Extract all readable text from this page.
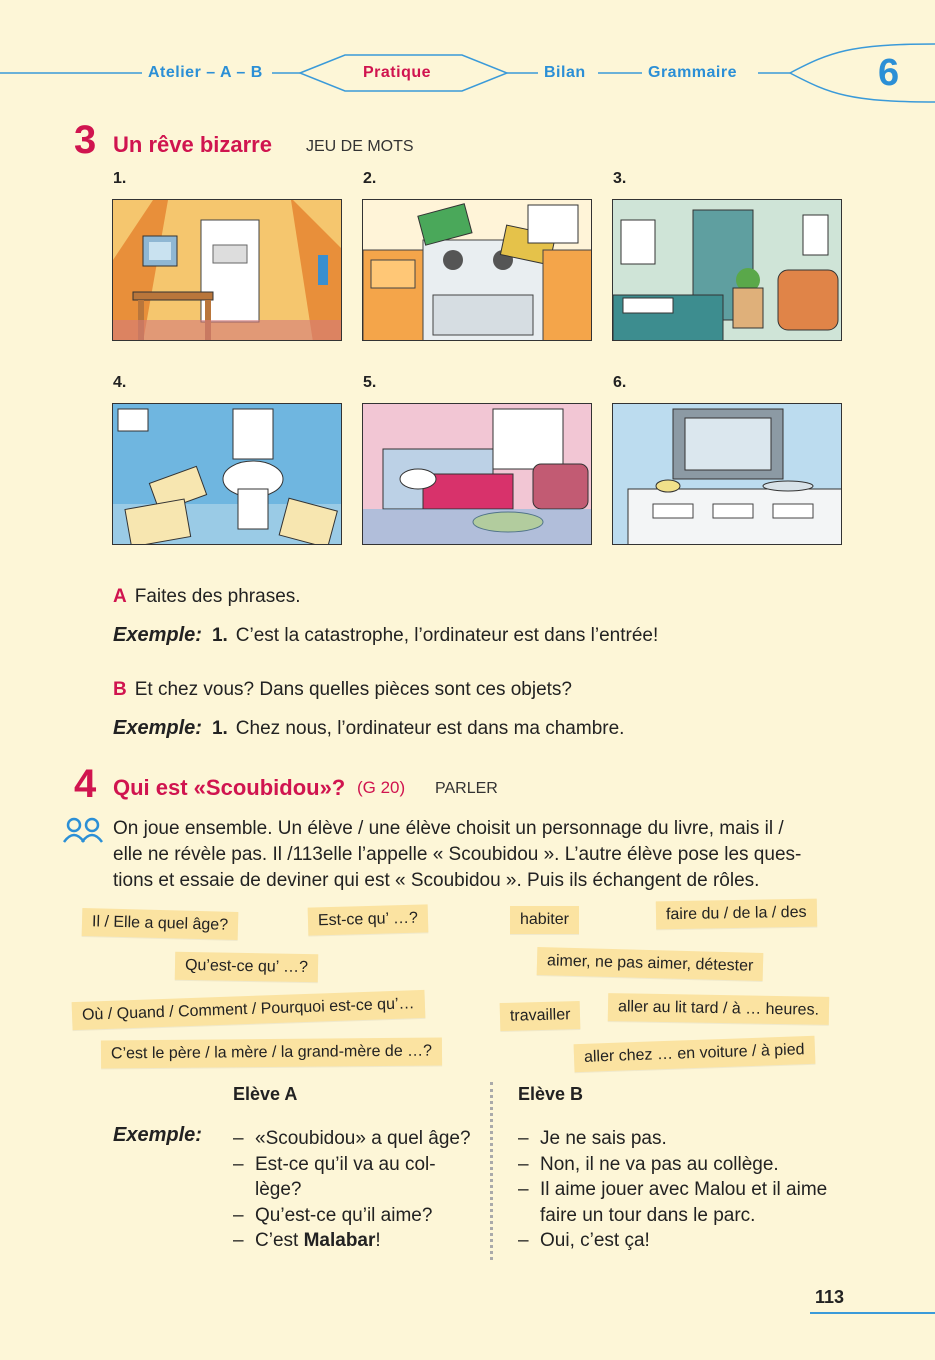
Atelier – A – B	Pratique	Bilan	Grammaire	6
3 Un rêve bizarre JEU DE MOTS
1.	2.	3.
4.	5.	6.
A Faites des phrases.
Exemple: 1. C’est la catastrophe, l’ordinateur est dans l’entrée!
B Et chez vous? Dans quelles pièces sont ces objets?
Exemple: 1. Chez nous, l’ordinateur est dans ma chambre.
4 Qui est «Scoubidou»? (G 20) PARLER
On joue ensemble. Un élève / une élève choisit un personnage du livre, mais il /
elle ne révèle pas. Il /113elle l’appelle « Scoubidou ». L’autre élève pose les ques-
tions et essaie de deviner qui est « Scoubidou ». Puis ils échangent de rôles.
Il / Elle a quel âge?	Est-ce qu’ …?	habiter	faire du / de la / des
Qu’est-ce qu’ …?	aimer, ne pas aimer, détester
Où / Quand / Comment / Pourquoi est-ce qu’…	travailler	aller au lit tard / à … heures.
C’est le père / la mère / la grand-mère de …?	aller chez … en voiture / à pied
Elève A	Elève B
Exemple:
–	«Scoubidou» a quel âge?
– Est-ce qu’il va au col-
lège?
– Qu’est-ce qu’il aime?
– C’est Malabar!
– Je ne sais pas.
– Non, il ne va pas au collège.
– Il aime jouer avec Malou et il aime faire un tour dans le parc.
– Oui, c’est ça!
113
